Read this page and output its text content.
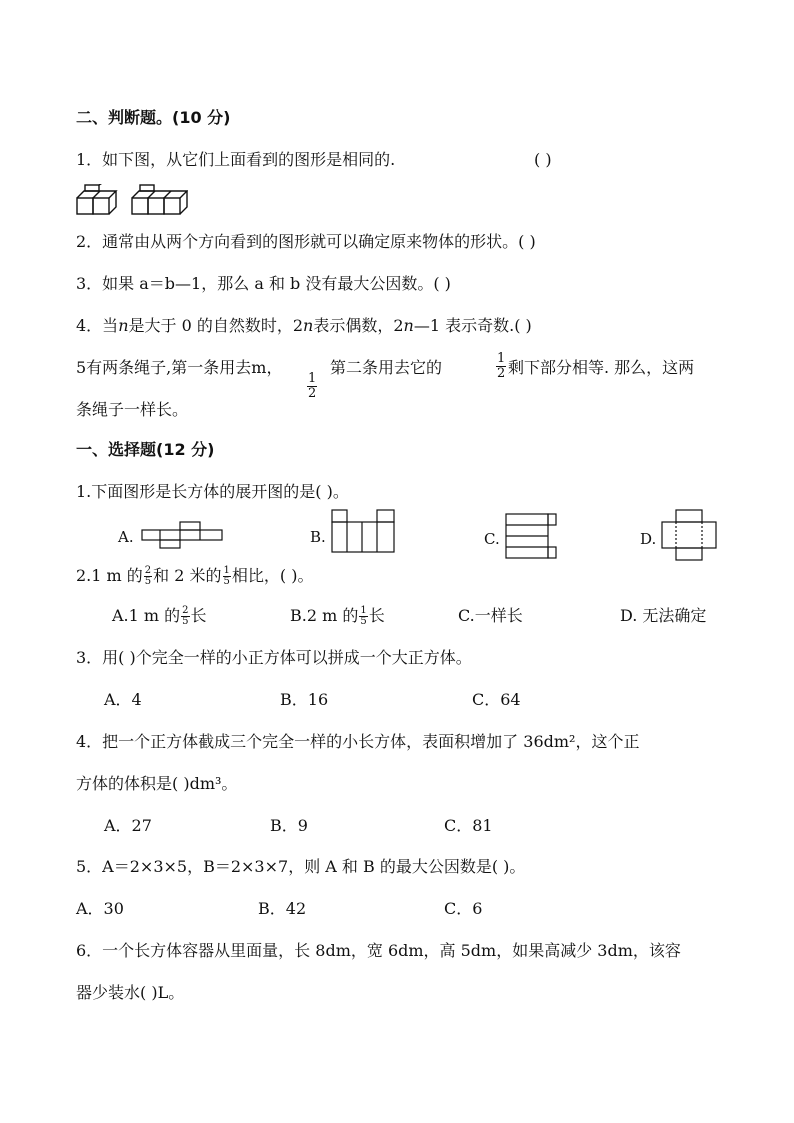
二、判断题。(10 分)
1．如下图，从它们上面看到的图形是相同的.	( )
2．通常由从两个方向看到的图形就可以确定原来物体的形状。( )
3．如果 a＝b—1，那么 a 和 b 没有最大公因数。( )
4．当n是大于 0 的自然数时，2n表示偶数，2n—1 表示奇数.( )
5有两条绳子,第一条用去m，
$\frac{1}{2}$
第二条用去它的	$\frac{1}{2}$ 剩下部分相等. 那么，这两
条绳子一样长。
一、选择题(12 分)
1.下面图形是长方体的展开图的是( )。
A.	B.	C.	D.
2.1 m 的 $\frac{2}{5}$ 和 2 米的 $\frac{1}{5}$ 相比，( )。
A.1 m 的 $\frac{2}{5}$ 长	B.2 m 的 $\frac{1}{5}$ 长	C.一样长	D. 无法确定
3．用( )个完全一样的小正方体可以拼成一个大正方体。
A．4	B．16	C．64
4．把一个正方体截成三个完全一样的小长方体，表面积增加了 36dm²，这个正
方体的体积是( )dm³。
A．27	B．9	C．81
5．A＝2×3×5，B＝2×3×7，则 A 和 B 的最大公因数是( )。
A．30	B．42	C．6
6．一个长方体容器从里面量，长 8dm，宽 6dm，高 5dm，如果高减少 3dm，该容
器少装水( )L。
